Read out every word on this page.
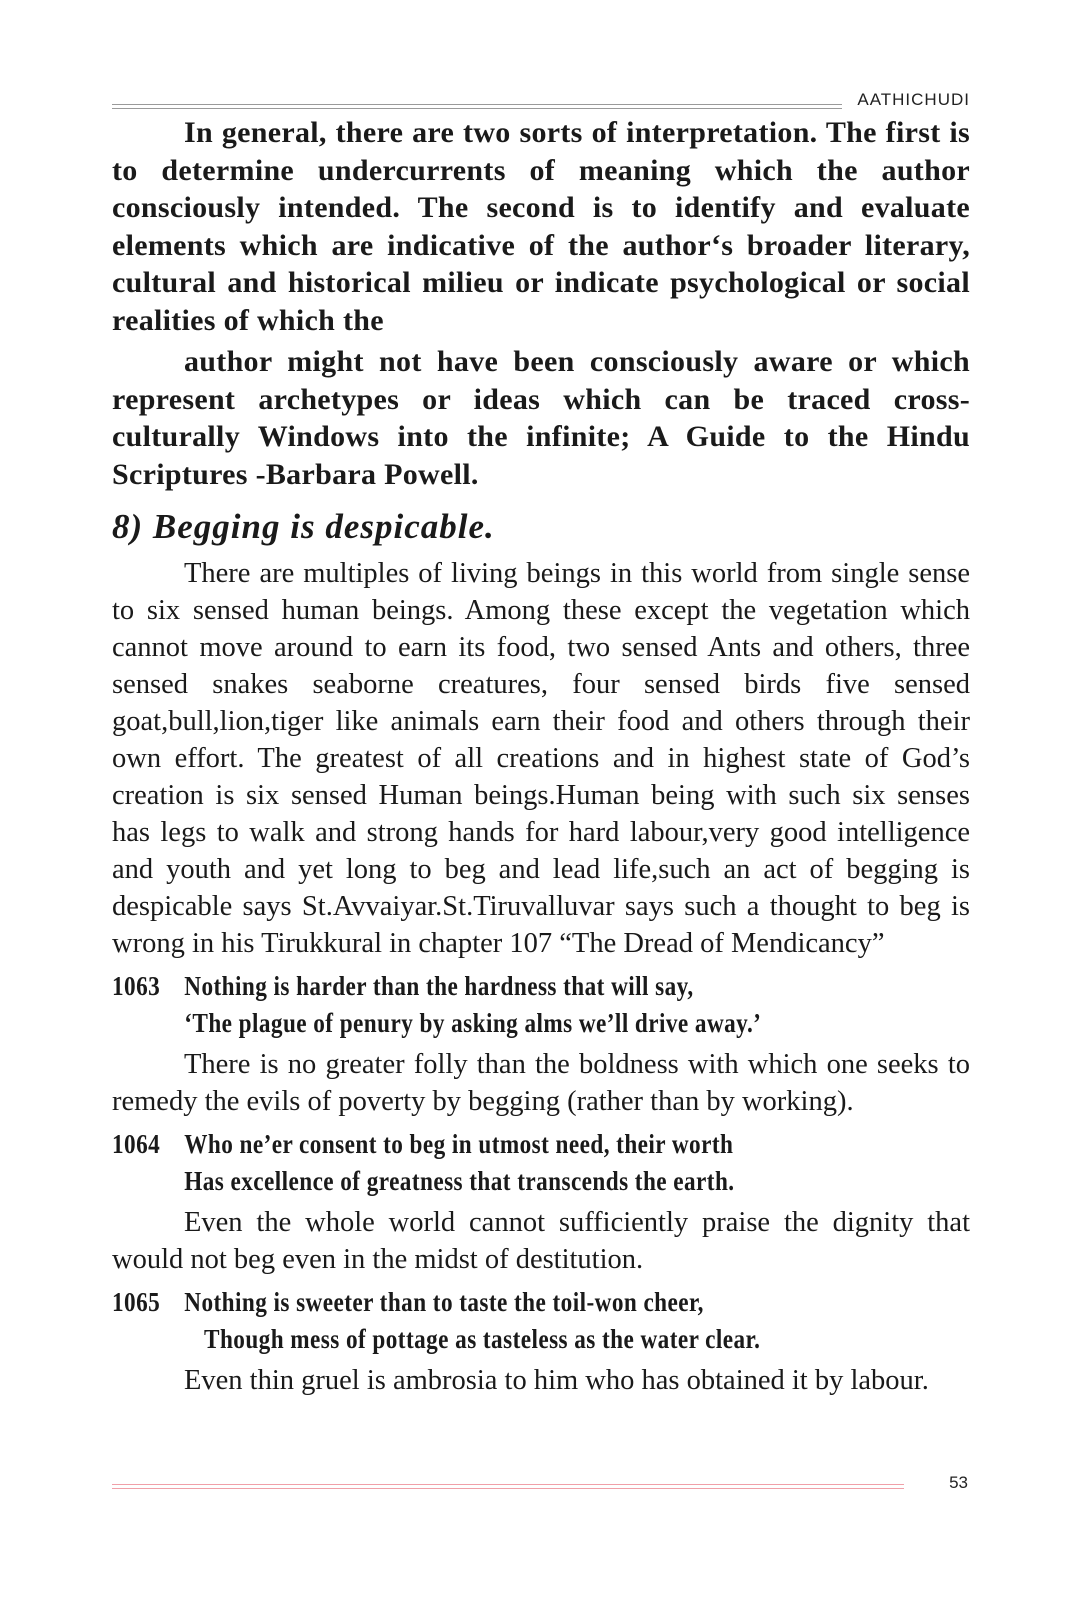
AATHICHUDI

In general, there are two sorts of interpretation. The first is to determine undercurrents of meaning which the author consciously intended. The second is to identify and evaluate elements which are indicative of the author‘s broader literary, cultural and historical milieu or indicate psychological or social realities of which the

author might not have been consciously aware or which represent archetypes or ideas which can be traced cross-culturally Windows into the infinite; A Guide to the Hindu Scriptures -Barbara Powell.

8) Begging is despicable.

There are multiples of living beings in this world from single sense to six sensed human beings. Among these except the vegetation which cannot move around to earn its food, two sensed Ants and others, three sensed snakes seaborne creatures, four sensed birds five sensed goat,bull,lion,tiger like animals earn their food and others through their own effort. The greatest of all creations and in highest state of God’s creation is six sensed Human beings.Human being with such six senses has legs to walk and strong hands for hard labour,very good intelligence and youth and yet long to beg and lead life,such an act of begging is despicable says St.Avvaiyar.St.Tiruvalluvar says such a thought to beg is wrong in his Tirukkural in chapter 107 “The Dread of Mendicancy”

1063 Nothing is harder than the hardness that will say,
‘The plague of penury by asking alms we’ll drive away.’

There is no greater folly than the boldness with which one seeks to remedy the evils of poverty by begging (rather than by working).

1064 Who ne’er consent to beg in utmost need, their worth
Has excellence of greatness that transcends the earth.

Even the whole world cannot sufficiently praise the dignity that would not beg even in the midst of destitution.

1065 Nothing is sweeter than to taste the toil-won cheer,
Though mess of pottage as tasteless as the water clear.

Even thin gruel is ambrosia to him who has obtained it by labour.

53
